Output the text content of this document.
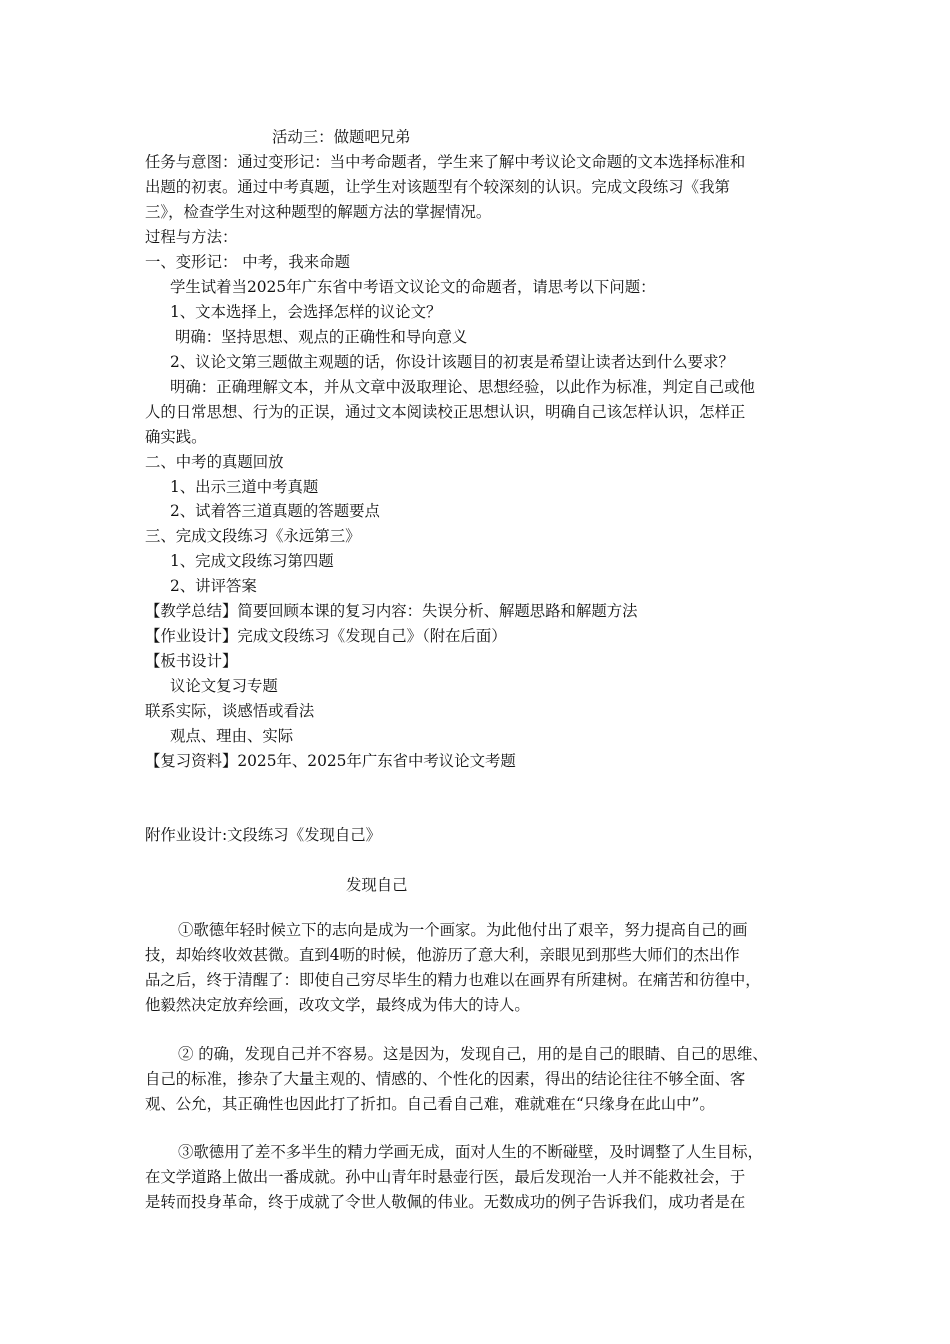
活动三：做题吧兄弟
任务与意图：通过变形记：当中考命题者，学生来了解中考议论文命题的文本选择标准和
出题的初衷。通过中考真题，让学生对该题型有个较深刻的认识。完成文段练习《我第
三》，检查学生对这种题型的解题方法的掌握情况。
过程与方法：
一、变形记： 中考，我来命题
学生试着当2025年广东省中考语文议论文的命题者，请思考以下问题：
1、文本选择上，会选择怎样的议论文？
明确：坚持思想、观点的正确性和导向意义
2、议论文第三题做主观题的话，你设计该题目的初衷是希望让读者达到什么要求？
明确：正确理解文本，并从文章中汲取理论、思想经验，以此作为标准，判定自己或他
人的日常思想、行为的正误，通过文本阅读校正思想认识，明确自己该怎样认识，怎样正
确实践。
二、中考的真题回放
1、出示三道中考真题
2、试着答三道真题的答题要点
三、完成文段练习《永远第三》
1、完成文段练习第四题
2、讲评答案
【教学总结】简要回顾本课的复习内容：失误分析、解题思路和解题方法
【作业设计】完成文段练习《发现自己》（附在后面）
【板书设计】
议论文复习专题
联系实际，谈感悟或看法
观点、理由、实际
【复习资料】2025年、2025年广东省中考议论文考题
附作业设计:文段练习《发现自己》
发现自己
①歌德年轻时候立下的志向是成为一个画家。为此他付出了艰辛，努力提高自己的画
技，却始终收效甚微。直到4呖的时候，他游历了意大利，亲眼见到那些大师们的杰出作
品之后，终于清醒了：即使自己穷尽毕生的精力也难以在画界有所建树。在痛苦和彷徨中，
他毅然决定放弃绘画，改攻文学，最终成为伟大的诗人。
② 的确，发现自己并不容易。这是因为，发现自己，用的是自己的眼睛、自己的思维、
自己的标准，掺杂了大量主观的、情感的、个性化的因素，得出的结论往往不够全面、客
观、公允，其正确性也因此打了折扣。自己看自己难，难就难在“只缘身在此山中”。
③歌德用了差不多半生的精力学画无成，面对人生的不断碰壁，及时调整了人生目标，
在文学道路上做出一番成就。孙中山青年时悬壶行医，最后发现治一人并不能救社会，于
是转而投身革命，终于成就了令世人敬佩的伟业。无数成功的例子告诉我们，成功者是在
